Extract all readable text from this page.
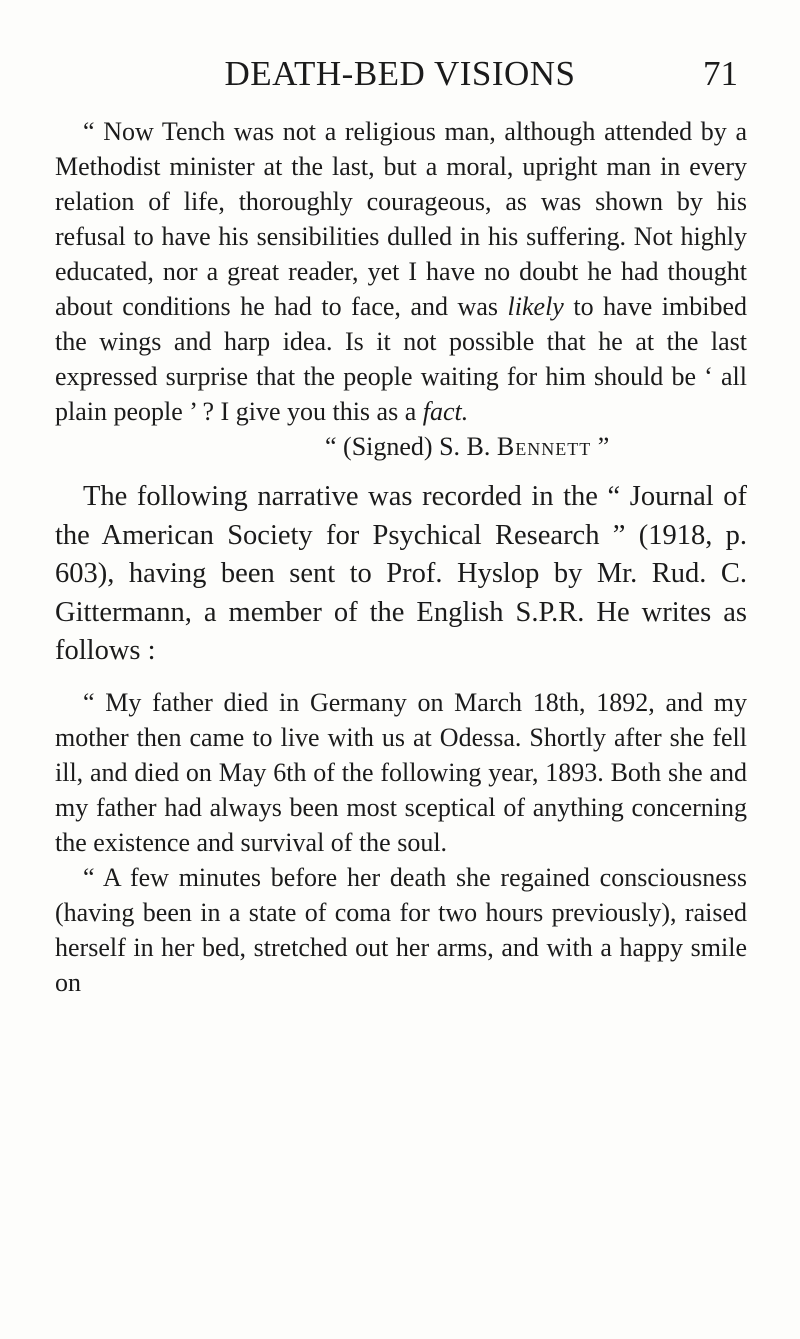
DEATH-BED VISIONS	71

“ Now Tench was not a religious man, although attended by a Methodist minister at the last, but a moral, upright man in every relation of life, thoroughly courageous, as was shown by his refusal to have his sensibilities dulled in his suffering. Not highly educated, nor a great reader, yet I have no doubt he had thought about conditions he had to face, and was likely to have imbibed the wings and harp idea. Is it not possible that he at the last expressed surprise that the people waiting for him should be ‘ all plain people ’ ? I give you this as a fact.

“ (Signed) S. B. Bennett ”

The following narrative was recorded in the “ Journal of the American Society for Psychical Research ” (1918, p. 603), having been sent to Prof. Hyslop by Mr. Rud. C. Gittermann, a member of the English S.P.R. He writes as follows :

“ My father died in Germany on March 18th, 1892, and my mother then came to live with us at Odessa. Shortly after she fell ill, and died on May 6th of the following year, 1893. Both she and my father had always been most sceptical of anything concerning the existence and survival of the soul.

“ A few minutes before her death she regained consciousness (having been in a state of coma for two hours previously), raised herself in her bed, stretched out her arms, and with a happy smile on
